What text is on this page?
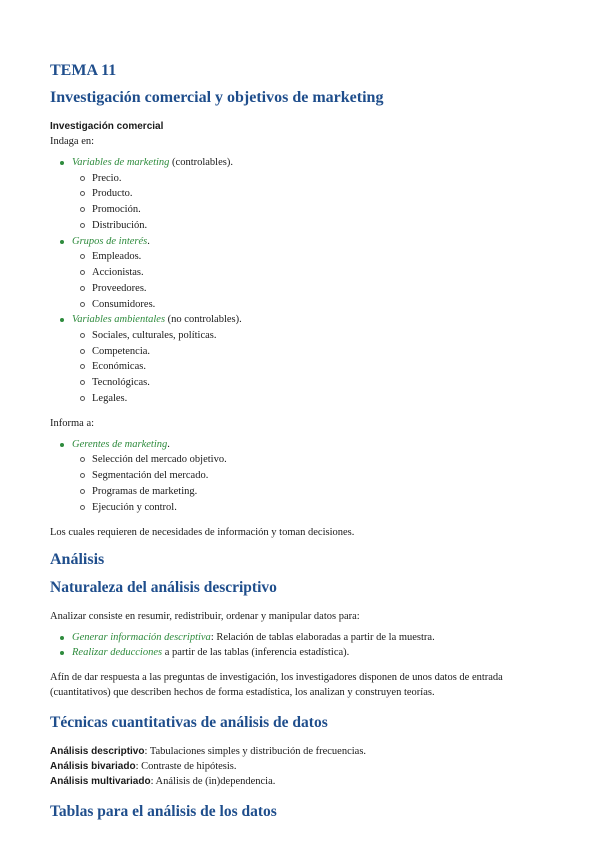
TEMA 11
Investigación comercial y objetivos de marketing

Investigación comercial

Indaga en:

Variables de marketing (controlables).
Precio.
Producto.
Promoción.
Distribución.
Grupos de interés.
Empleados.
Accionistas.
Proveedores.
Consumidores.
Variables ambientales (no controlables).
Sociales, culturales, políticas.
Competencia.
Económicas.
Tecnológicas.
Legales.

Informa a:

Gerentes de marketing.
Selección del mercado objetivo.
Segmentación del mercado.
Programas de marketing.
Ejecución y control.

Los cuales requieren de necesidades de información y toman decisiones.

Análisis
Naturaleza del análisis descriptivo

Analizar consiste en resumir, redistribuir, ordenar y manipular datos para:

Generar información descriptiva: Relación de tablas elaboradas a partir de la muestra.
Realizar deducciones a partir de las tablas (inferencia estadística).

Afín de dar respuesta a las preguntas de investigación, los investigadores disponen de unos datos de entrada (cuantitativos) que describen hechos de forma estadística, los analizan y construyen teorías.

Técnicas cuantitativas de análisis de datos

Análisis descriptivo: Tabulaciones simples y distribución de frecuencias.

Análisis bivariado: Contraste de hipótesis.

Análisis multivariado: Análisis de (in)dependencia.

Tablas para el análisis de los datos
